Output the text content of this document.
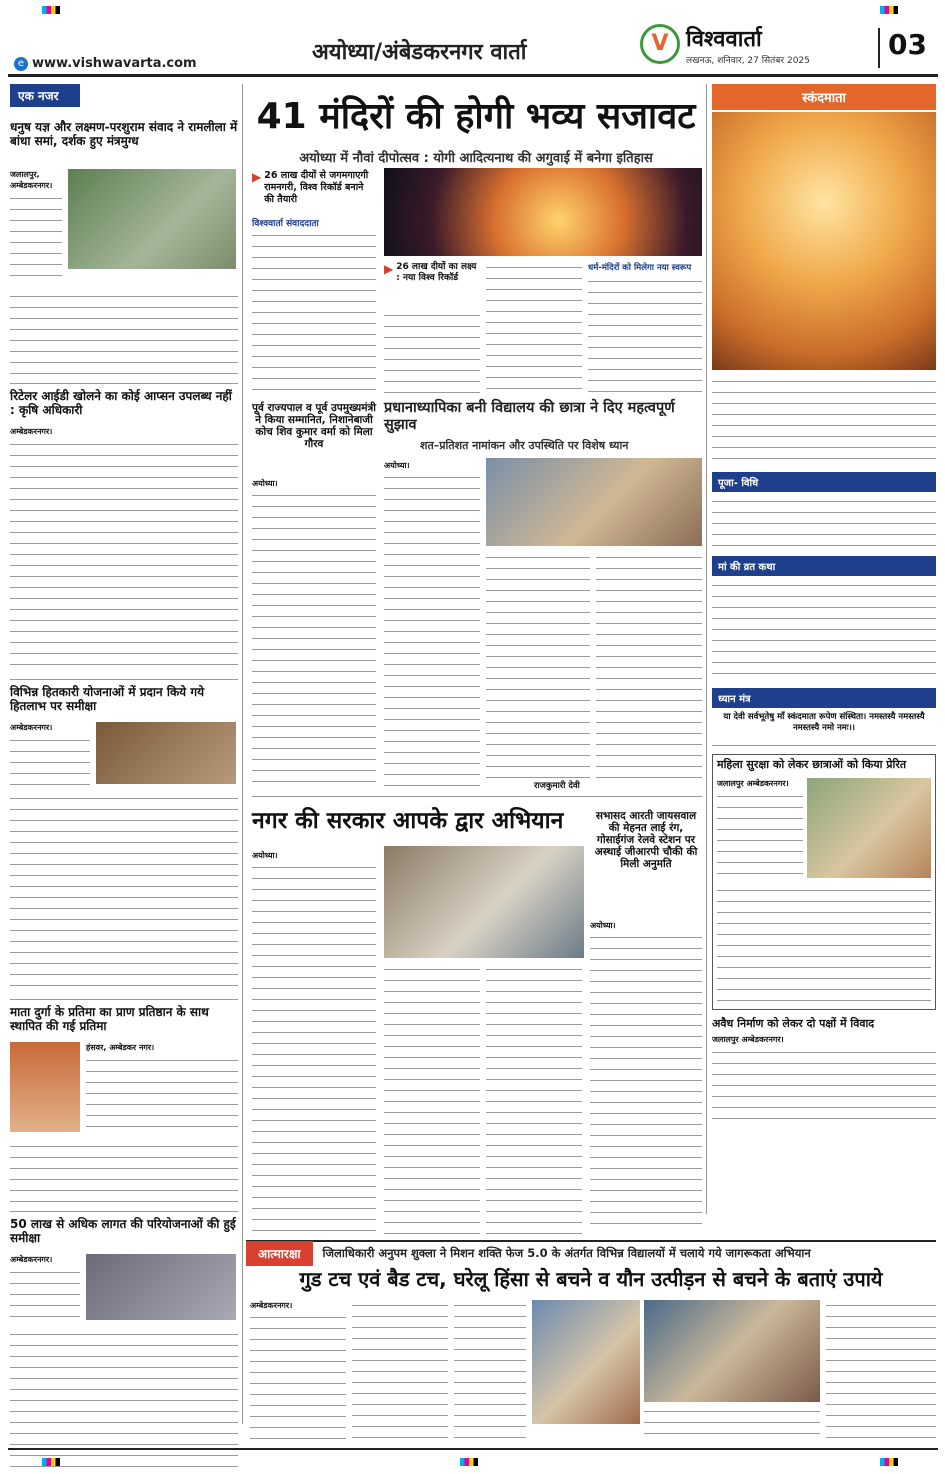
अयोध्या/अंबेडकरनगर वार्ता
e www.vishwavarta.com
V विश्ववार्ता
लखनऊ, शनिवार, 27 सितंबर 2025	03
एक नजर
धनुष यज्ञ और लक्ष्मण-परशुराम संवाद ने रामलीला में बांधा समां, दर्शक हुए मंत्रमुग्ध
जलालपुर, अम्बेडकरनगर।
रिटेलर आईडी खोलने का कोई आप्सन उपलब्ध नहीं : कृषि अधिकारी
अम्बेडकरनगर।
विभिन्न हितकारी योजनाओं में प्रदान किये गये हितलाभ पर समीक्षा
अम्बेडकरनगर।
माता दुर्गा के प्रतिमा का प्राण प्रतिष्ठान के साथ स्थापित की गई प्रतिमा
हंसवर, अम्बेडकर नगर।
50 लाख से अधिक लागत की परियोजनाओं की हुई समीक्षा
अम्बेडकरनगर।
41 मंदिरों की होगी भव्य सजावट
अयोध्या में नौवां दीपोत्सव : योगी आदित्यनाथ की अगुवाई में बनेगा इतिहास
▶ 26 लाख दीयों से जगमगाएगी रामनगरी, विश्व रिकॉर्ड बनाने की तैयारी
विश्ववार्ता संवाददाता
▶ 26 लाख दीयों का लक्ष्य : नया विश्व रिकॉर्ड
धर्म-मंदिरों को मिलेगा नया स्वरूप
पूर्व राज्यपाल व पूर्व उपमुख्यमंत्री ने किया सम्मानित, निशानेबाजी कोच शिव कुमार वर्मा को मिला गौरव
अयोध्या।
प्रधानाध्यापिका बनी विद्यालय की छात्रा ने दिए महत्वपूर्ण सुझाव
शत–प्रतिशत नामांकन और उपस्थिति पर विशेष ध्यान
अयोध्या।
राजकुमारी देवी
नगर की सरकार आपके द्वार अभियान
अयोध्या।
सभासद आरती जायसवाल की मेहनत लाई रंग, गोसाईगंज रेलवे स्टेशन पर अस्थाई जीआरपी चौकी की मिली अनुमति
अयोध्या।
स्कंदमाता
पूजा- विधि
मां की व्रत कथा
ध्यान मंत्र
या देवी सर्वभूतेषु माँ स्कंदमाता रूपेण संस्थिता। नमस्तस्यै नमस्तस्यै नमस्तस्यै नमो नमः।।
महिला सुरक्षा को लेकर छात्राओं को किया प्रेरित
जलालपुर अम्बेडकरनगर।
अवैध निर्माण को लेकर दो पक्षों में विवाद
जलालपुर अम्बेडकरनगर।
आत्मारक्षा	जिलाधिकारी अनुपम शुक्ला ने मिशन शक्ति फेज 5.0 के अंतर्गत विभिन्न विद्यालयों में चलाये गये जागरूकता अभियान
गुड टच एवं बैड टच, घरेलू हिंसा से बचने व यौन उत्पीड़न से बचने के बताएं उपाये
अम्बेडकरनगर।
